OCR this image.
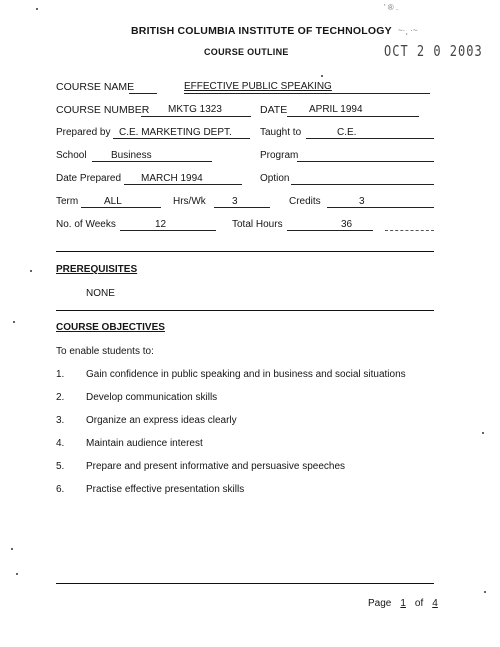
' ® .
BRITISH COLUMBIA INSTITUTE OF TECHNOLOGY
COURSE OUTLINE
~·¸ ·~
OCT 2 0 2003
COURSE NAME	EFFECTIVE PUBLIC SPEAKING
COURSE NUMBER MKTG 1323	DATE APRIL 1994
Prepared by C.E. MARKETING DEPT.	Taught to	C.E.
School Business	Program
Date Prepared MARCH 1994	Option
Term	ALL	Hrs/Wk	3	Credits	3
No. of Weeks	12	Total Hours	36
PREREQUISITES
NONE
COURSE OBJECTIVES
To enable students to:
1. Gain confidence in public speaking and in business and social situations
2. Develop communication skills
3. Organize an express ideas clearly
4. Maintain audience interest
5. Prepare and present informative and persuasive speeches
6. Practise effective presentation skills
Page 1 of 4
